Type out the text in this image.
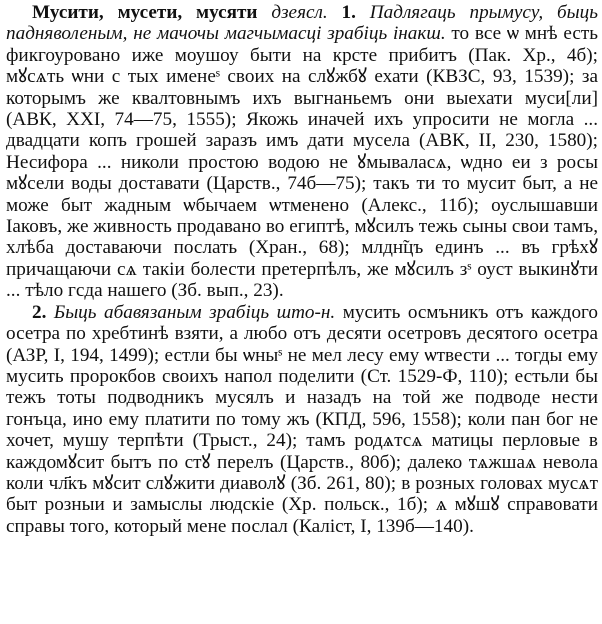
Мусити, мусети, мусяти дзеясл. 1. Падлягаць прымусу, быць падняволеным, не мачочы магчымасці зрабіць інакш. то все ѡ мнѣ есть фикгоуровано иже моушоу быти на крсте прибитъ (Пак. Хр., 4б); мꙋсѧть ѡни с тых именеˢ своих на слꙋжбꙋ ехати (КВЗС, 93, 1539); за которымъ же квалтовнымъ ихъ выгнаньемъ они выехати муси[ли] (АВК, XXI, 74—75, 1555); Якожь иначей ихъ упросити не могла ... двадцати копъ грошей заразъ имъ дати мусела (АВК, II, 230, 1580); Несифора ... николи простою водою не ꙋмываласѧ, ѡдно еи з росы мꙋсели воды доставати (Царств., 74б—75); такъ ти то мусит быт, а не може быт жадным ѡбычаем ѡтменено (Алекс., 11б); оуслышавши Іаковъ, же живность продавано во египтѣ, мꙋсилъ тежь сыны свои тамъ, хлѣба доставаючи послать (Хран., 68); млдн̃цъ единъ ... въ грѣхꙋ причащаючи сѧ такіи болести претерпѣлъ, же мꙋсилъ зˢ оуст выкинꙋти ... тѣло гсда нашего (Зб. вып., 23).

2. Быць абавязаным зрабіць што-н. мусить осмъникъ отъ каждого осетра по хребтинѣ взяти, а любо отъ десяти осетровъ десятого осетра (АЗР, I, 194, 1499); естли бы ѡныˢ не мел лесу ему ѡтвести ... тогды ему мусить пророкбов своихъ напол поделити (Ст. 1529-Ф, 110); естьли бы тежъ тоты подводникъ мусялъ и назадъ на той же подводе нести гонъца, ино ему платити по тому жъ (КПД, 596, 1558); коли пан бог не хочет, мушу терпѣти (Трыст., 24); тамъ родѧтсѧ матицы перловые в каждомꙋсит бытъ по стꙋ перелъ (Царств., 80б); далеко тѧжшаѧ невола коли чл҃къ мꙋсит слꙋжити диаволꙋ (Зб. 261, 80); в розных головах мусѧт быт розныи и замыслы людскіе (Хр. польск., 1б); ѧ мꙋшꙋ справовати справы того, который мене послал (Каліст, I, 139б—140).
